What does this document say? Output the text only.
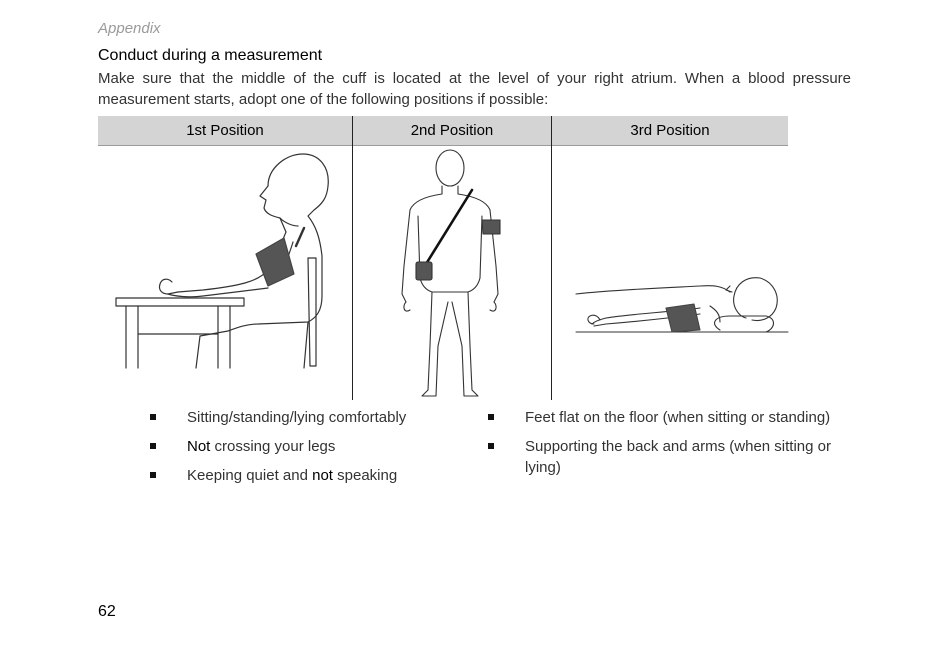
Appendix
Conduct during a measurement

Make sure that the middle of the cuff is located at the level of your right atrium. When a blood pressure measurement starts, adopt one of the following positions if possible:

1st Position	2nd Position	3rd Position
Sitting/standing/lying comfortably
Not crossing your legs
Keeping quiet and not speaking
Feet flat on the floor (when sitting or standing)
Supporting the back and arms (when sitting or lying)
62
